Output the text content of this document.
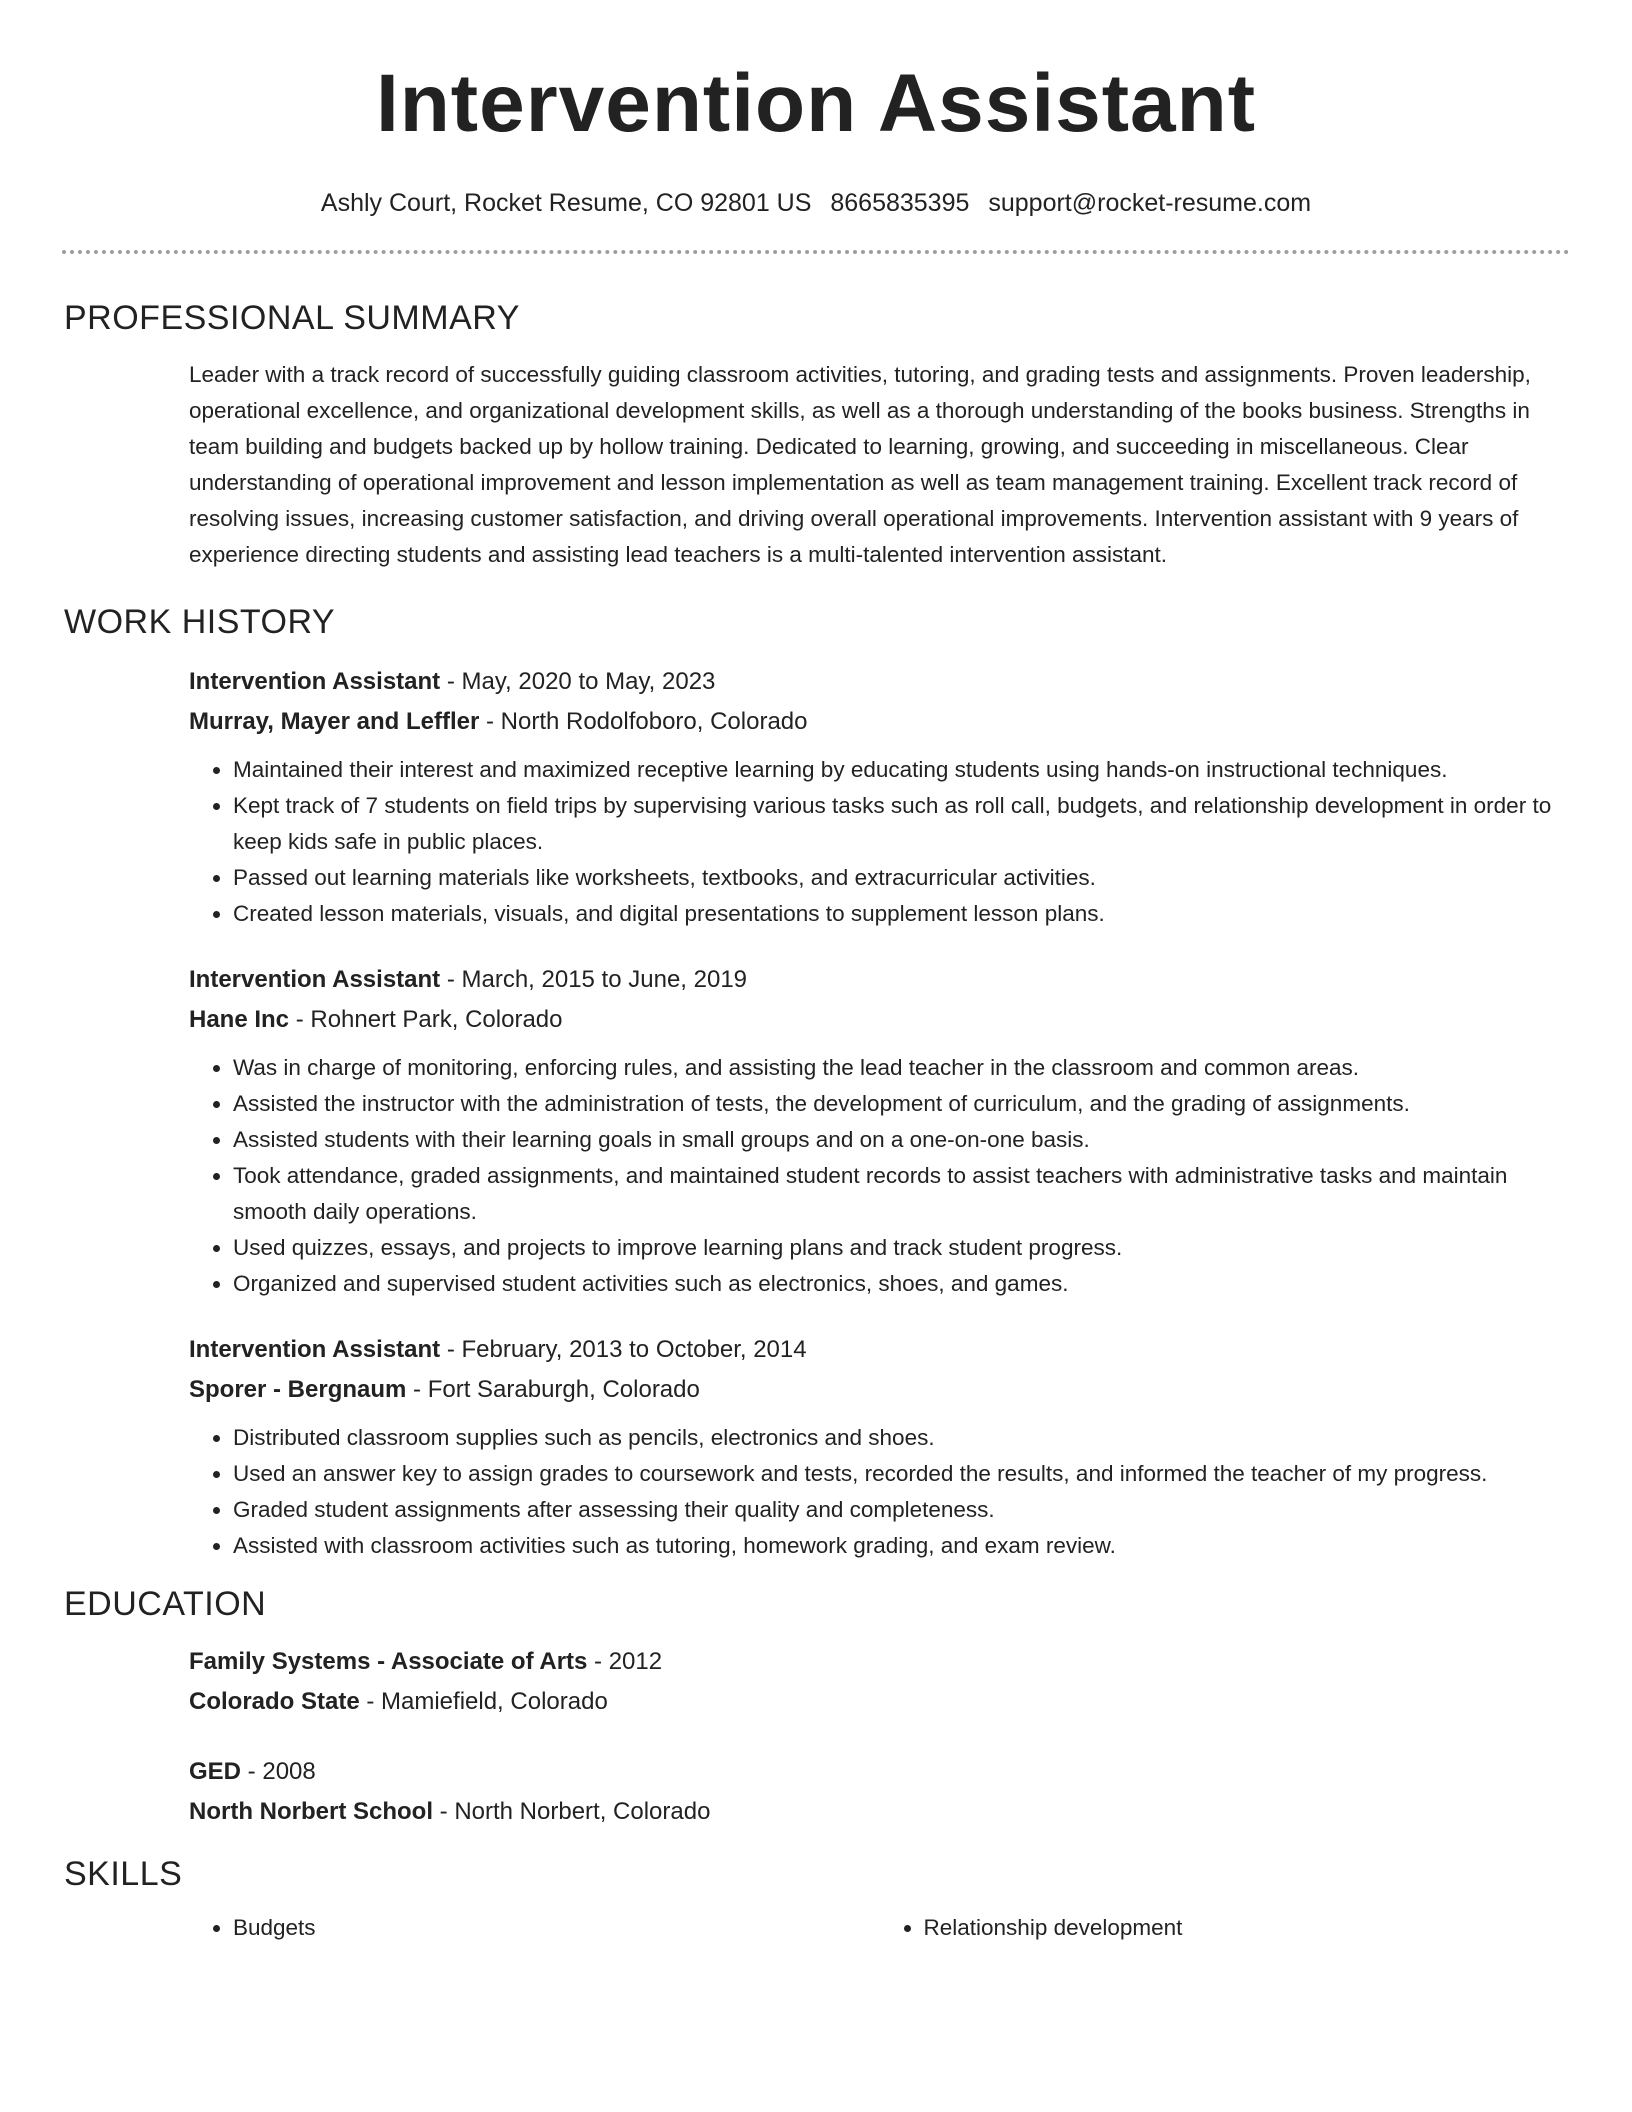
Intervention Assistant
Ashly Court, Rocket Resume, CO 92801 US 8665835395 support@rocket-resume.com
PROFESSIONAL SUMMARY

Leader with a track record of successfully guiding classroom activities, tutoring, and grading tests and assignments. Proven leadership, operational excellence, and organizational development skills, as well as a thorough understanding of the books business. Strengths in team building and budgets backed up by hollow training. Dedicated to learning, growing, and succeeding in miscellaneous. Clear understanding of operational improvement and lesson implementation as well as team management training. Excellent track record of resolving issues, increasing customer satisfaction, and driving overall operational improvements. Intervention assistant with 9 years of experience directing students and assisting lead teachers is a multi-talented intervention assistant.

WORK HISTORY

Intervention Assistant - May, 2020 to May, 2023

Murray, Mayer and Leffler - North Rodolfoboro, Colorado

• Maintained their interest and maximized receptive learning by educating students using hands-on instructional techniques.
• Kept track of 7 students on field trips by supervising various tasks such as roll call, budgets, and relationship development in order to keep kids safe in public places.
• Passed out learning materials like worksheets, textbooks, and extracurricular activities.
• Created lesson materials, visuals, and digital presentations to supplement lesson plans.

Intervention Assistant - March, 2015 to June, 2019

Hane Inc - Rohnert Park, Colorado

• Was in charge of monitoring, enforcing rules, and assisting the lead teacher in the classroom and common areas.
• Assisted the instructor with the administration of tests, the development of curriculum, and the grading of assignments.
• Assisted students with their learning goals in small groups and on a one-on-one basis.
• Took attendance, graded assignments, and maintained student records to assist teachers with administrative tasks and maintain smooth daily operations.
• Used quizzes, essays, and projects to improve learning plans and track student progress.
• Organized and supervised student activities such as electronics, shoes, and games.

Intervention Assistant - February, 2013 to October, 2014

Sporer - Bergnaum - Fort Saraburgh, Colorado

• Distributed classroom supplies such as pencils, electronics and shoes.
• Used an answer key to assign grades to coursework and tests, recorded the results, and informed the teacher of my progress.
• Graded student assignments after assessing their quality and completeness.
• Assisted with classroom activities such as tutoring, homework grading, and exam review.
EDUCATION

Family Systems - Associate of Arts - 2012

Colorado State - Mamiefield, Colorado

GED - 2008

North Norbert School - North Norbert, Colorado

SKILLS
• Budgets
•	Relationship development
